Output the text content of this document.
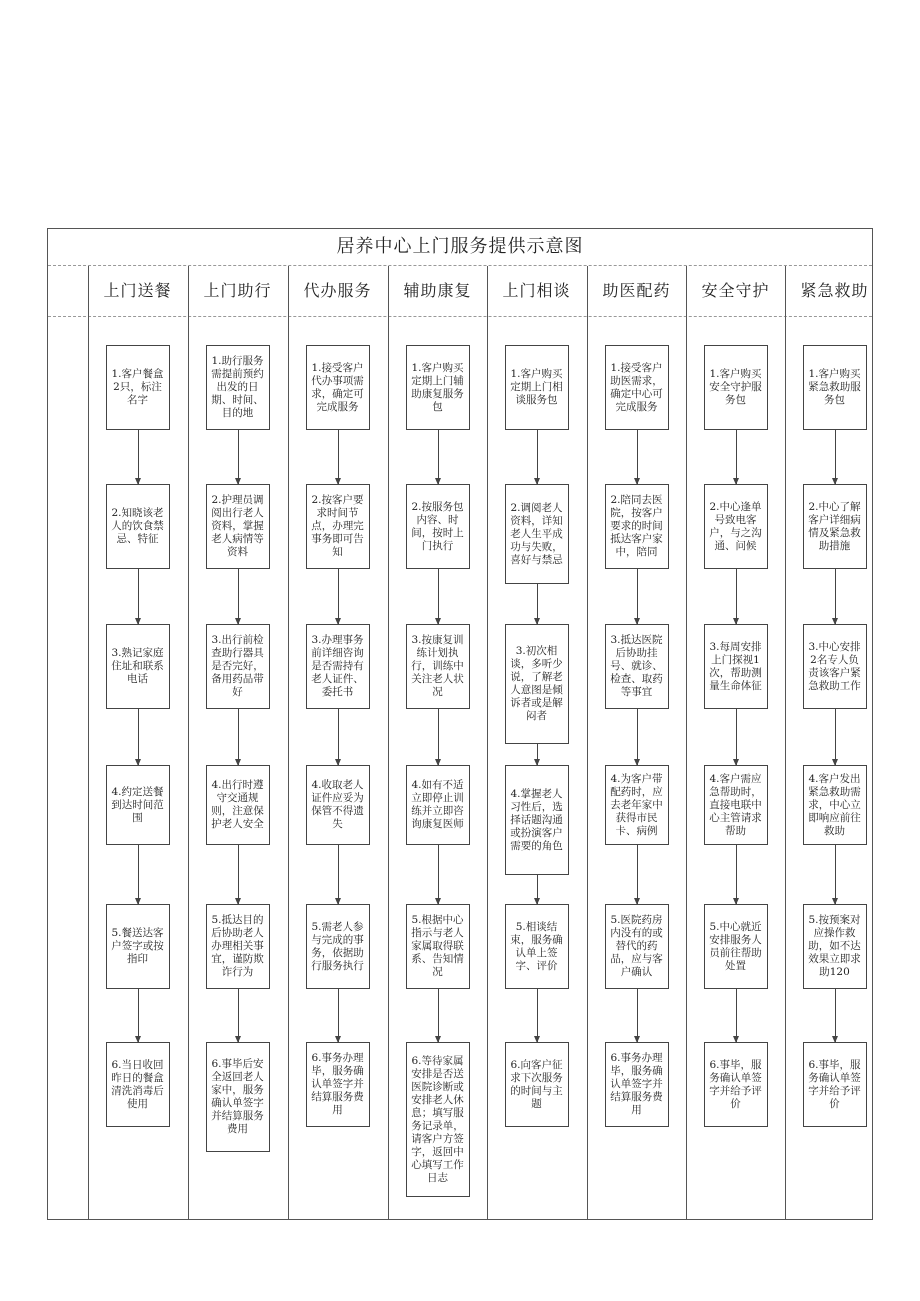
居养中心上门服务提供示意图
上门送餐
1.客户餐盒2只，标注名字
2.知晓该老人的饮食禁忌、特征
3.熟记家庭住址和联系电话
4.约定送餐到达时间范围
5.餐送达客户签字或按指印
6.当日收回昨日的餐盒清洗消毒后使用
上门助行
1.助行服务需提前预约出发的日期、时间、目的地
2.护理员调阅出行老人资料，掌握老人病情等资料
3.出行前检查助行器具是否完好，备用药品带好
4.出行时遵守交通规则，注意保护老人安全
5.抵达目的后协助老人办理相关事宜，谨防欺诈行为
6.事毕后安全返回老人家中，服务确认单签字并结算服务费用
代办服务
1.接受客户代办事项需求，确定可完成服务
2.按客户要求时间节点，办理完事务即可告知
3.办理事务前详细咨询是否需持有老人证件、委托书
4.收取老人证件应妥为保管不得遗失
5.需老人参与完成的事务，依据助行服务执行
6.事务办理毕，服务确认单签字并结算服务费用
辅助康复
1.客户购买定期上门辅助康复服务包
2.按服务包内容、时间，按时上门执行
3.按康复训练计划执行，训练中关注老人状况
4.如有不适立即停止训练并立即咨询康复医师
5.根据中心指示与老人家属取得联系、告知情况
6.等待家属安排是否送医院诊断或安排老人休息；填写服务记录单，请客户方签字，返回中心填写工作日志
上门相谈
1.客户购买定期上门相谈服务包
2.调阅老人资料，详知老人生平成功与失败，喜好与禁忌
3.初次相谈，多听少说，了解老人意图是倾诉者或是解闷者
4.掌握老人习性后，选择话题沟通或扮演客户需要的角色
5.相谈结束，服务确认单上签字、评价
6.向客户征求下次服务的时间与主题
助医配药
1.接受客户助医需求，确定中心可完成服务
2.陪同去医院，按客户要求的时间抵达客户家中，陪同
3.抵达医院后协助挂号、就诊、检查、取药等事宜
4.为客户带配药时，应去老年家中获得市民卡、病例
5.医院药房内没有的或替代的药品，应与客户确认
6.事务办理毕，服务确认单签字并结算服务费用
安全守护
1.客户购买安全守护服务包
2.中心逢单号致电客户，与之沟通、问候
3.每周安排上门探视1次，帮助测量生命体征
4.客户需应急帮助时，直接电联中心主管请求帮助
5.中心就近安排服务人员前往帮助处置
6.事毕，服务确认单签字并给予评价
紧急救助
1.客户购买紧急救助服务包
2.中心了解客户详细病情及紧急救助措施
3.中心安排2名专人负责该客户紧急救助工作
4.客户发出紧急救助需求，中心立即响应前往救助
5.按预案对应操作救助，如不达效果立即求助120
6.事毕，服务确认单签字并给予评价
